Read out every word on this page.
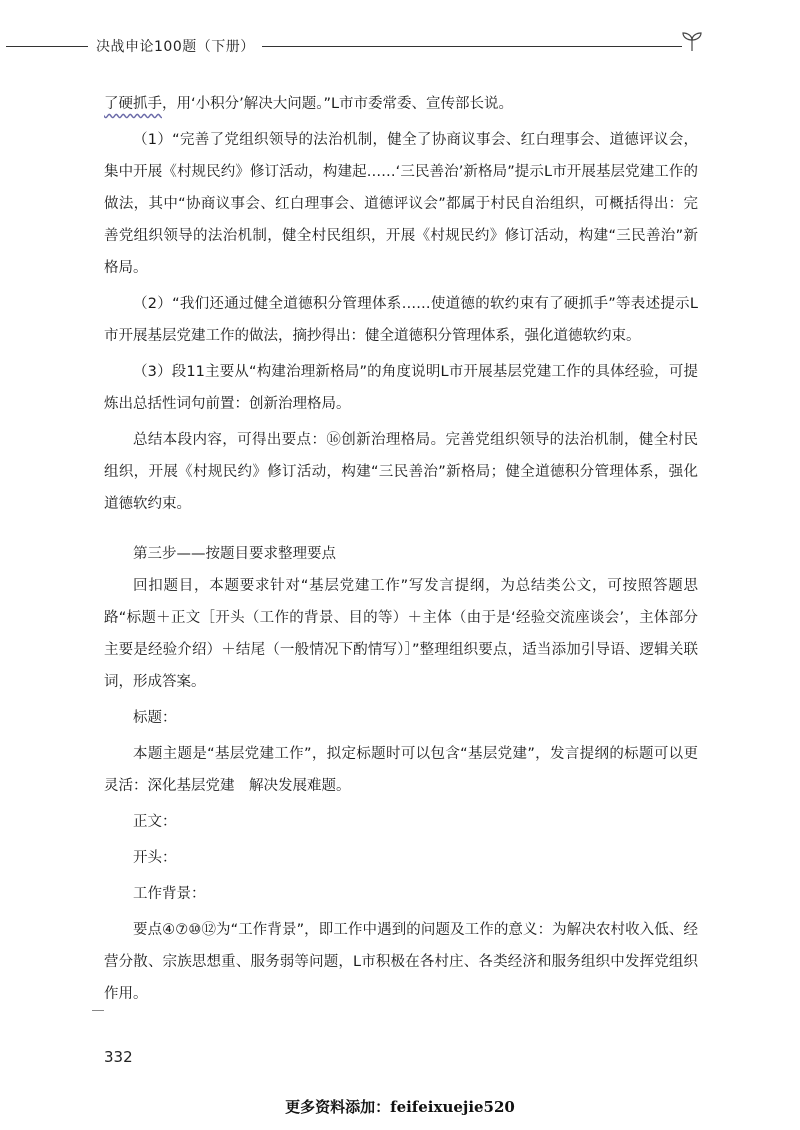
决战申论100题（下册）

了硬抓手，用‘小积分’解决大问题。”L市市委常委、宣传部长说。

（1）“完善了党组织领导的法治机制，健全了协商议事会、红白理事会、道德评议会，集中开展《村规民约》修订活动，构建起……‘三民善治’新格局”提示L市开展基层党建工作的做法，其中“协商议事会、红白理事会、道德评议会”都属于村民自治组织，可概括得出：完善党组织领导的法治机制，健全村民组织，开展《村规民约》修订活动，构建“三民善治”新格局。

（2）“我们还通过健全道德积分管理体系……使道德的软约束有了硬抓手”等表述提示L市开展基层党建工作的做法，摘抄得出：健全道德积分管理体系，强化道德软约束。

（3）段11主要从“构建治理新格局”的角度说明L市开展基层党建工作的具体经验，可提炼出总括性词句前置：创新治理格局。

总结本段内容，可得出要点：⑯创新治理格局。完善党组织领导的法治机制，健全村民组织，开展《村规民约》修订活动，构建“三民善治”新格局；健全道德积分管理体系，强化道德软约束。

第三步——按题目要求整理要点

回扣题目，本题要求针对“基层党建工作”写发言提纲，为总结类公文，可按照答题思路“标题＋正文［开头（工作的背景、目的等）＋主体（由于是‘经验交流座谈会’，主体部分主要是经验介绍）＋结尾（一般情况下酌情写）］”整理组织要点，适当添加引导语、逻辑关联词，形成答案。

标题：

本题主题是“基层党建工作”，拟定标题时可以包含“基层党建”，发言提纲的标题可以更灵活：深化基层党建　解决发展难题。

正文：

开头：

工作背景：

要点④⑦⑩⑫为“工作背景”，即工作中遇到的问题及工作的意义：为解决农村收入低、经营分散、宗族思想重、服务弱等问题，L市积极在各村庄、各类经济和服务组织中发挥党组织作用。

332
更多资料添加：feifeixuejie520
